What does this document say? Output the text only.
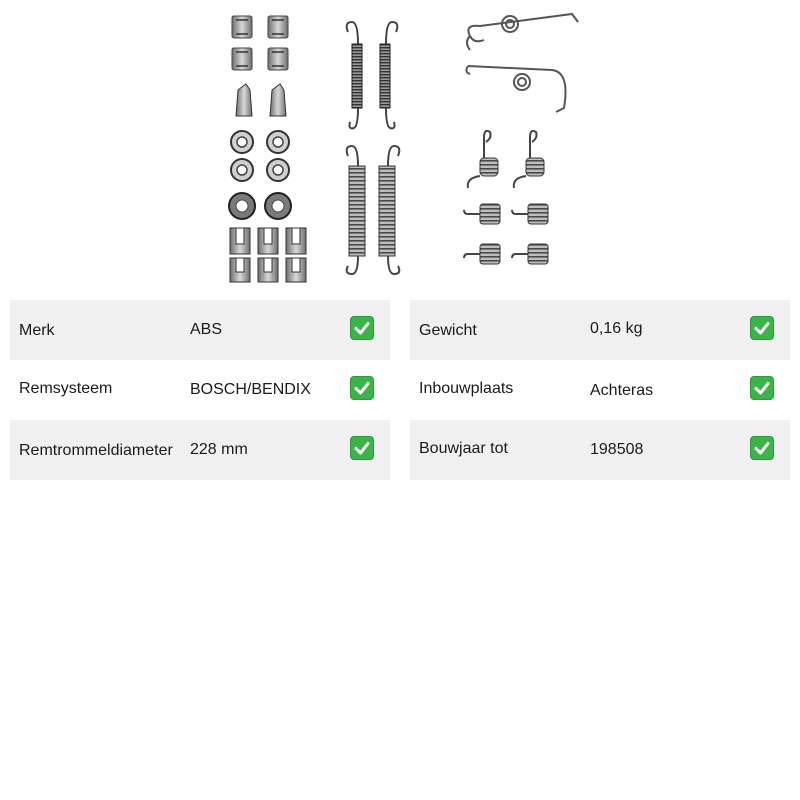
Merk	ABS
Remsysteem	BOSCH/BENDIX
Remtrommeldiameter 228 mm
Gewicht	0,16 kg
Inbouwplaats	Achteras
Bouwjaar tot	198508
